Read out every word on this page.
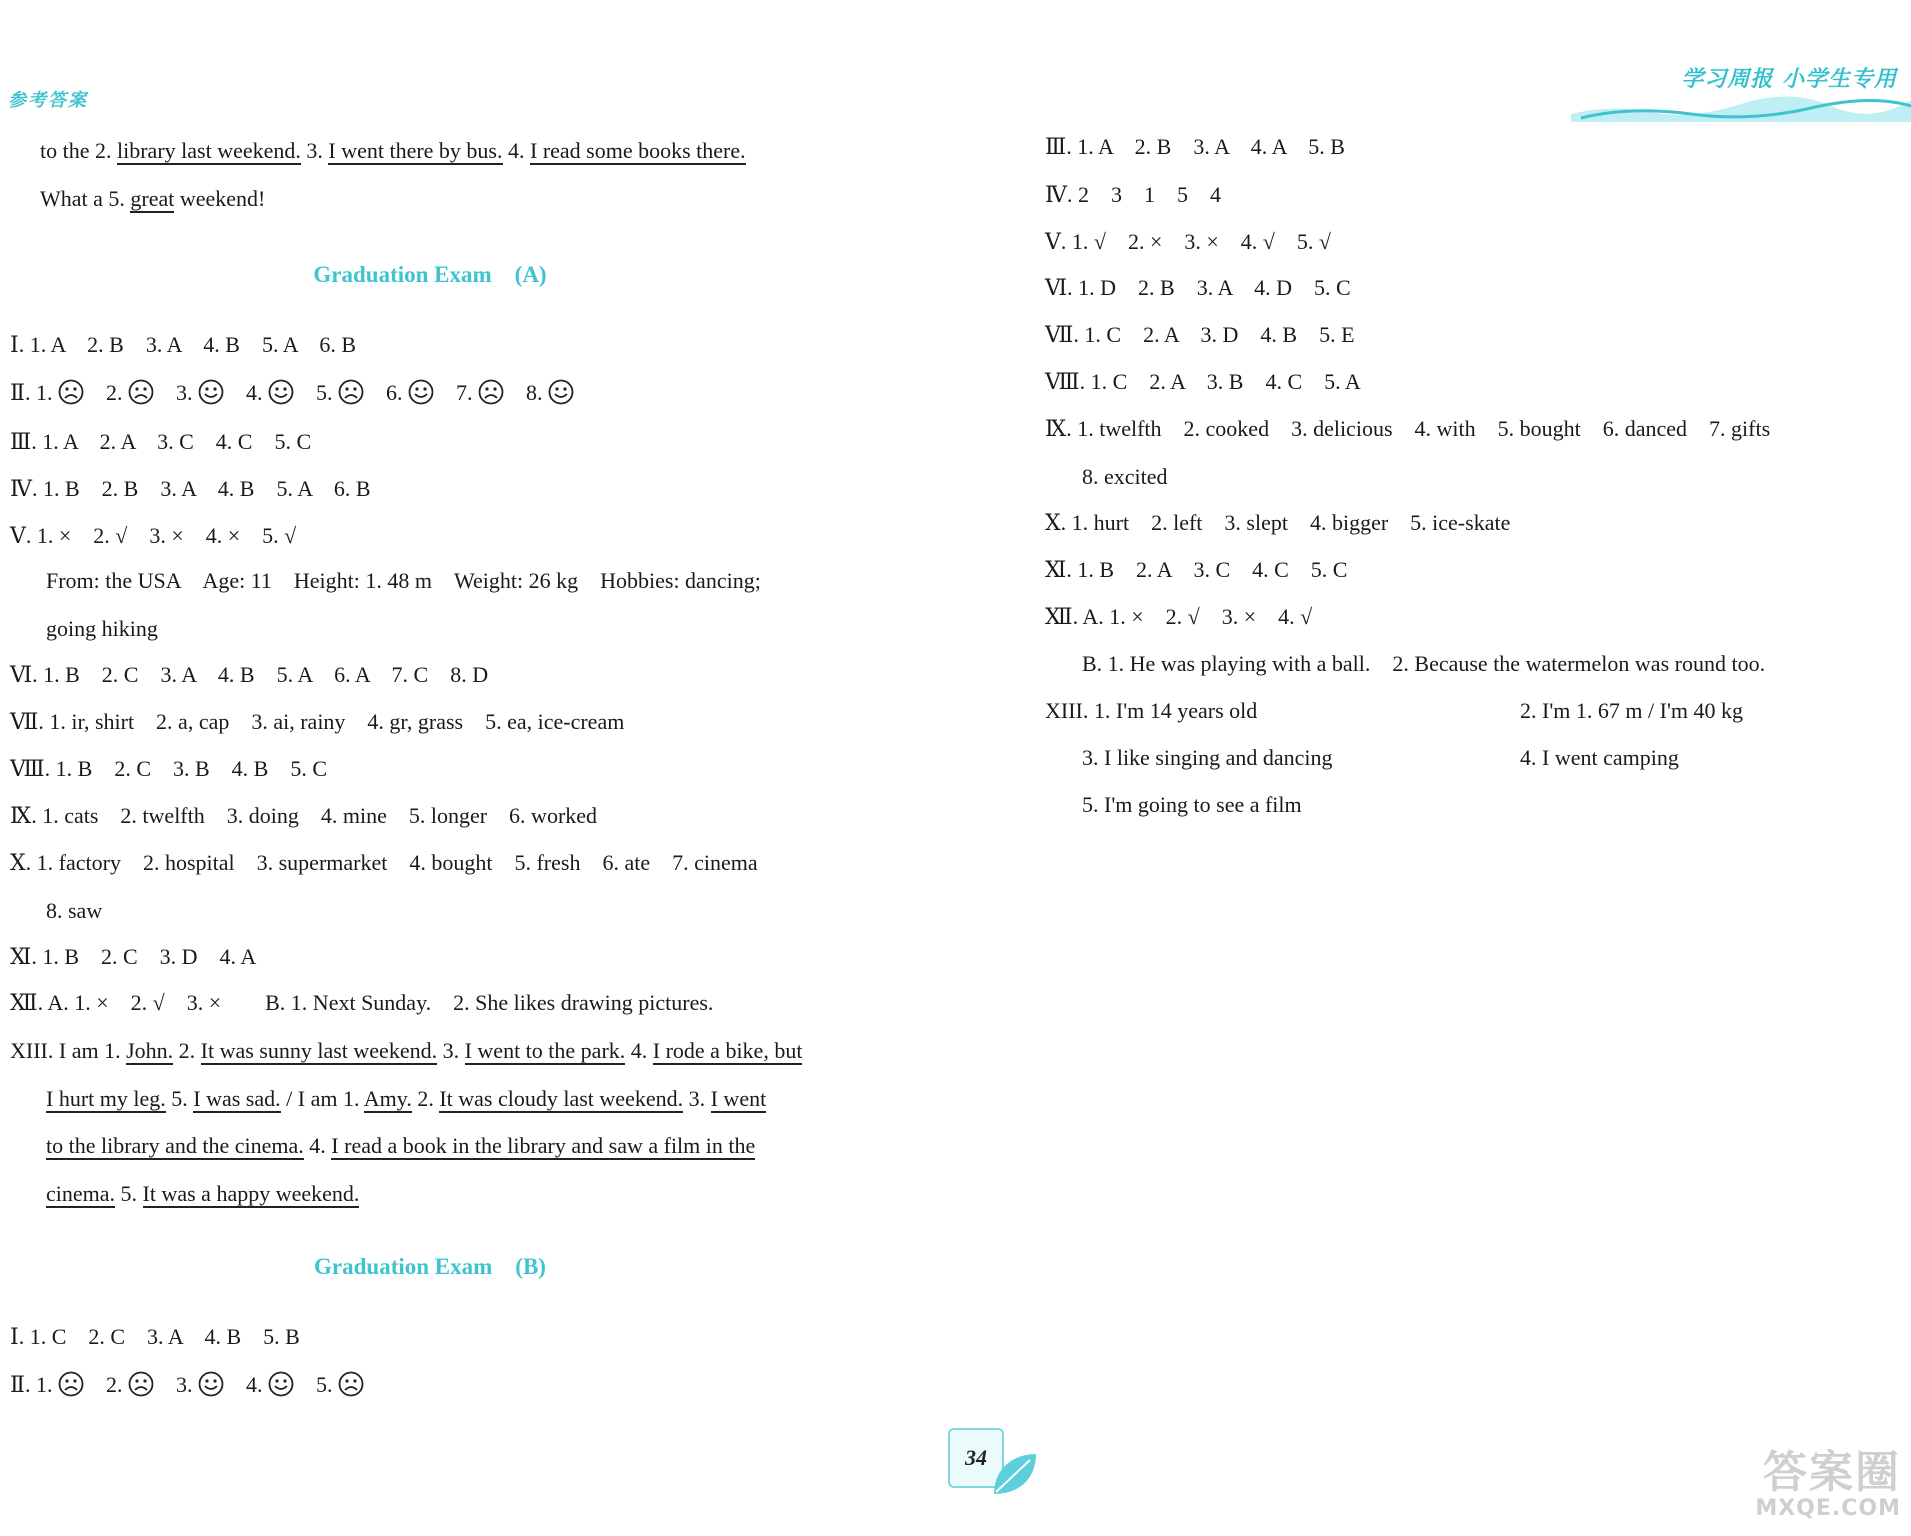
参考答案
学习周报 小学生专用
to the 2. library last weekend. 3. I went there by bus. 4. I read some books there.
What a 5. great weekend!
Graduation Exam　(A)
Ⅰ. 1. A　2. B　3. A　4. B　5. A　6. B
Ⅱ. 1. 2. 3. 4. 5. 6. 7. 8.
Ⅲ. 1. A　2. A　3. C　4. C　5. C
Ⅳ. 1. B　2. B　3. A　4. B　5. A　6. B
Ⅴ. 1. ×　2. √　3. ×　4. ×　5. √
From: the USA　Age: 11　Height: 1. 48 m　Weight: 26 kg　Hobbies: dancing;
going hiking
Ⅵ. 1. B　2. C　3. A　4. B　5. A　6. A　7. C　8. D
Ⅶ. 1. ir, shirt　2. a, cap　3. ai, rainy　4. gr, grass　5. ea, ice-cream
Ⅷ. 1. B　2. C　3. B　4. B　5. C
Ⅸ. 1. cats　2. twelfth　3. doing　4. mine　5. longer　6. worked
Ⅹ. 1. factory　2. hospital　3. supermarket　4. bought　5. fresh　6. ate　7. cinema
8. saw
Ⅺ. 1. B　2. C　3. D　4. A
Ⅻ. A. 1. ×　2. √　3. ×　　B. 1. Next Sunday.　2. She likes drawing pictures.
XIII. I am 1. John. 2. It was sunny last weekend. 3. I went to the park. 4. I rode a bike, but
I hurt my leg. 5. I was sad. / I am 1. Amy. 2. It was cloudy last weekend. 3. I went
to the library and the cinema. 4. I read a book in the library and saw a film in the
cinema. 5. It was a happy weekend.
Graduation Exam　(B)
Ⅰ. 1. C　2. C　3. A　4. B　5. B
Ⅱ. 1. 2. 3. 4. 5.
Ⅲ. 1. A　2. B　3. A　4. A　5. B
Ⅳ. 2　3　1　5　4
Ⅴ. 1. √　2. ×　3. ×　4. √　5. √
Ⅵ. 1. D　2. B　3. A　4. D　5. C
Ⅶ. 1. C　2. A　3. D　4. B　5. E
Ⅷ. 1. C　2. A　3. B　4. C　5. A
Ⅸ. 1. twelfth　2. cooked　3. delicious　4. with　5. bought　6. danced　7. gifts
8. excited
Ⅹ. 1. hurt　2. left　3. slept　4. bigger　5. ice-skate
Ⅺ. 1. B　2. A　3. C　4. C　5. C
Ⅻ. A. 1. ×　2. √　3. ×　4. √
B. 1. He was playing with a ball.　2. Because the watermelon was round too.
XIII. 1. I'm 14 years old	2. I'm 1. 67 m / I'm 40 kg
3. I like singing and dancing	4. I went camping
5. I'm going to see a film
34	答案圈
MXQE.COM
